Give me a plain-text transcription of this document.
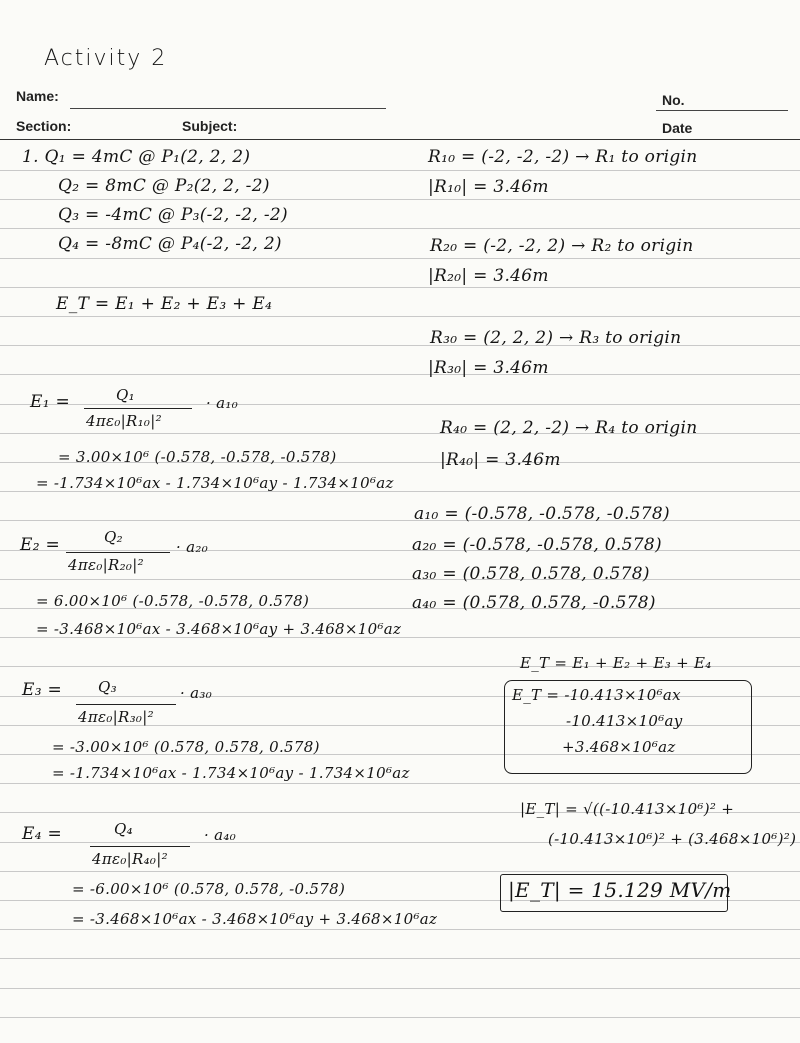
Activity 2
Name:	No.
Section:	Subject:	Date
1. Q₁ = 4mC @ P₁(2, 2, 2)
Q₂ = 8mC @ P₂(2, 2, -2)
Q₃ = -4mC @ P₃(-2, -2, -2)
Q₄ = -8mC @ P₄(-2, -2, 2)
E_T = E₁ + E₂ + E₃ + E₄
R₁₀ = (-2, -2, -2) → R₁ to origin
|R₁₀| = 3.46m
R₂₀ = (-2, -2, 2) → R₂ to origin
|R₂₀| = 3.46m
R₃₀ = (2, 2, 2) → R₃ to origin
|R₃₀| = 3.46m
R₄₀ = (2, 2, -2) → R₄ to origin
|R₄₀| = 3.46m
a₁₀ = (-0.578, -0.578, -0.578)
a₂₀ = (-0.578, -0.578, 0.578)
a₃₀ = (0.578, 0.578, 0.578)
a₄₀ = (0.578, 0.578, -0.578)
E₁ =	Q₁
4πε₀|R₁₀|²
· a₁₀
= 3.00×10⁶ (-0.578, -0.578, -0.578)
= -1.734×10⁶ax - 1.734×10⁶ay - 1.734×10⁶az
E₂ =	Q₂
4πε₀|R₂₀|²
· a₂₀
= 6.00×10⁶ (-0.578, -0.578, 0.578)
= -3.468×10⁶ax - 3.468×10⁶ay + 3.468×10⁶az
E_T = E₁ + E₂ + E₃ + E₄
E_T = -10.413×10⁶ax
-10.413×10⁶ay
+3.468×10⁶az
E₃ = Q₃
4πε₀|R₃₀|²
· a₃₀
= -3.00×10⁶ (0.578, 0.578, 0.578)
= -1.734×10⁶ax - 1.734×10⁶ay - 1.734×10⁶az
|E_T| = √((-10.413×10⁶)² +
(-10.413×10⁶)² + (3.468×10⁶)²)
E₄ =	Q₄
4πε₀|R₄₀|²
· a₄₀
= -6.00×10⁶ (0.578, 0.578, -0.578)
= -3.468×10⁶ax - 3.468×10⁶ay + 3.468×10⁶az
|E_T| = 15.129 MV/m
